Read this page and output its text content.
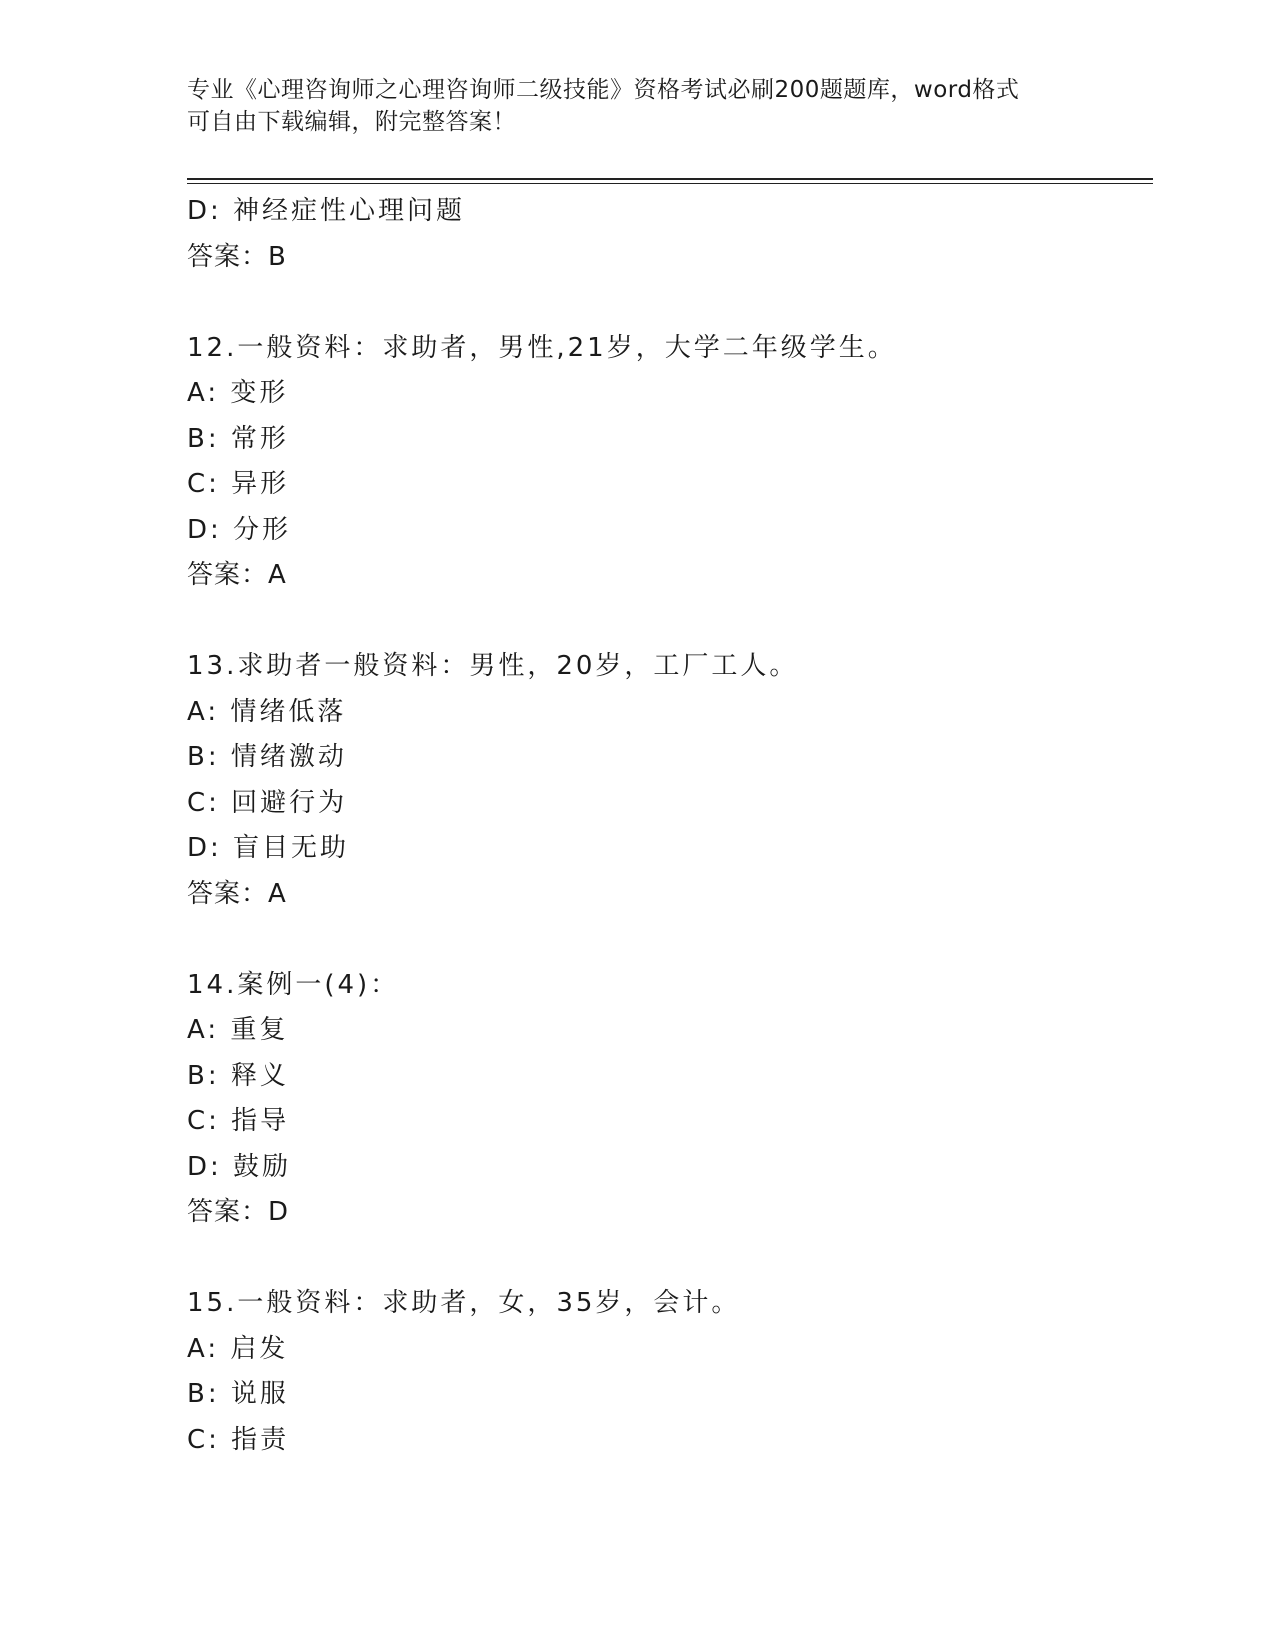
专业《心理咨询师之心理咨询师二级技能》资格考试必刷200题题库，word格式
可自由下载编辑，附完整答案！
D: 神经症性心理问题
答案：B
12.一般资料：求助者，男性,21岁，大学二年级学生。
A: 变形
B: 常形
C: 异形
D: 分形
答案：A
13.求助者一般资料：男性，20岁，工厂工人。
A: 情绪低落
B: 情绪激动
C: 回避行为
D: 盲目无助
答案：A
14.案例一(4)：
A: 重复
B: 释义
C: 指导
D: 鼓励
答案：D
15.一般资料：求助者，女，35岁，会计。
A: 启发
B: 说服
C: 指责
